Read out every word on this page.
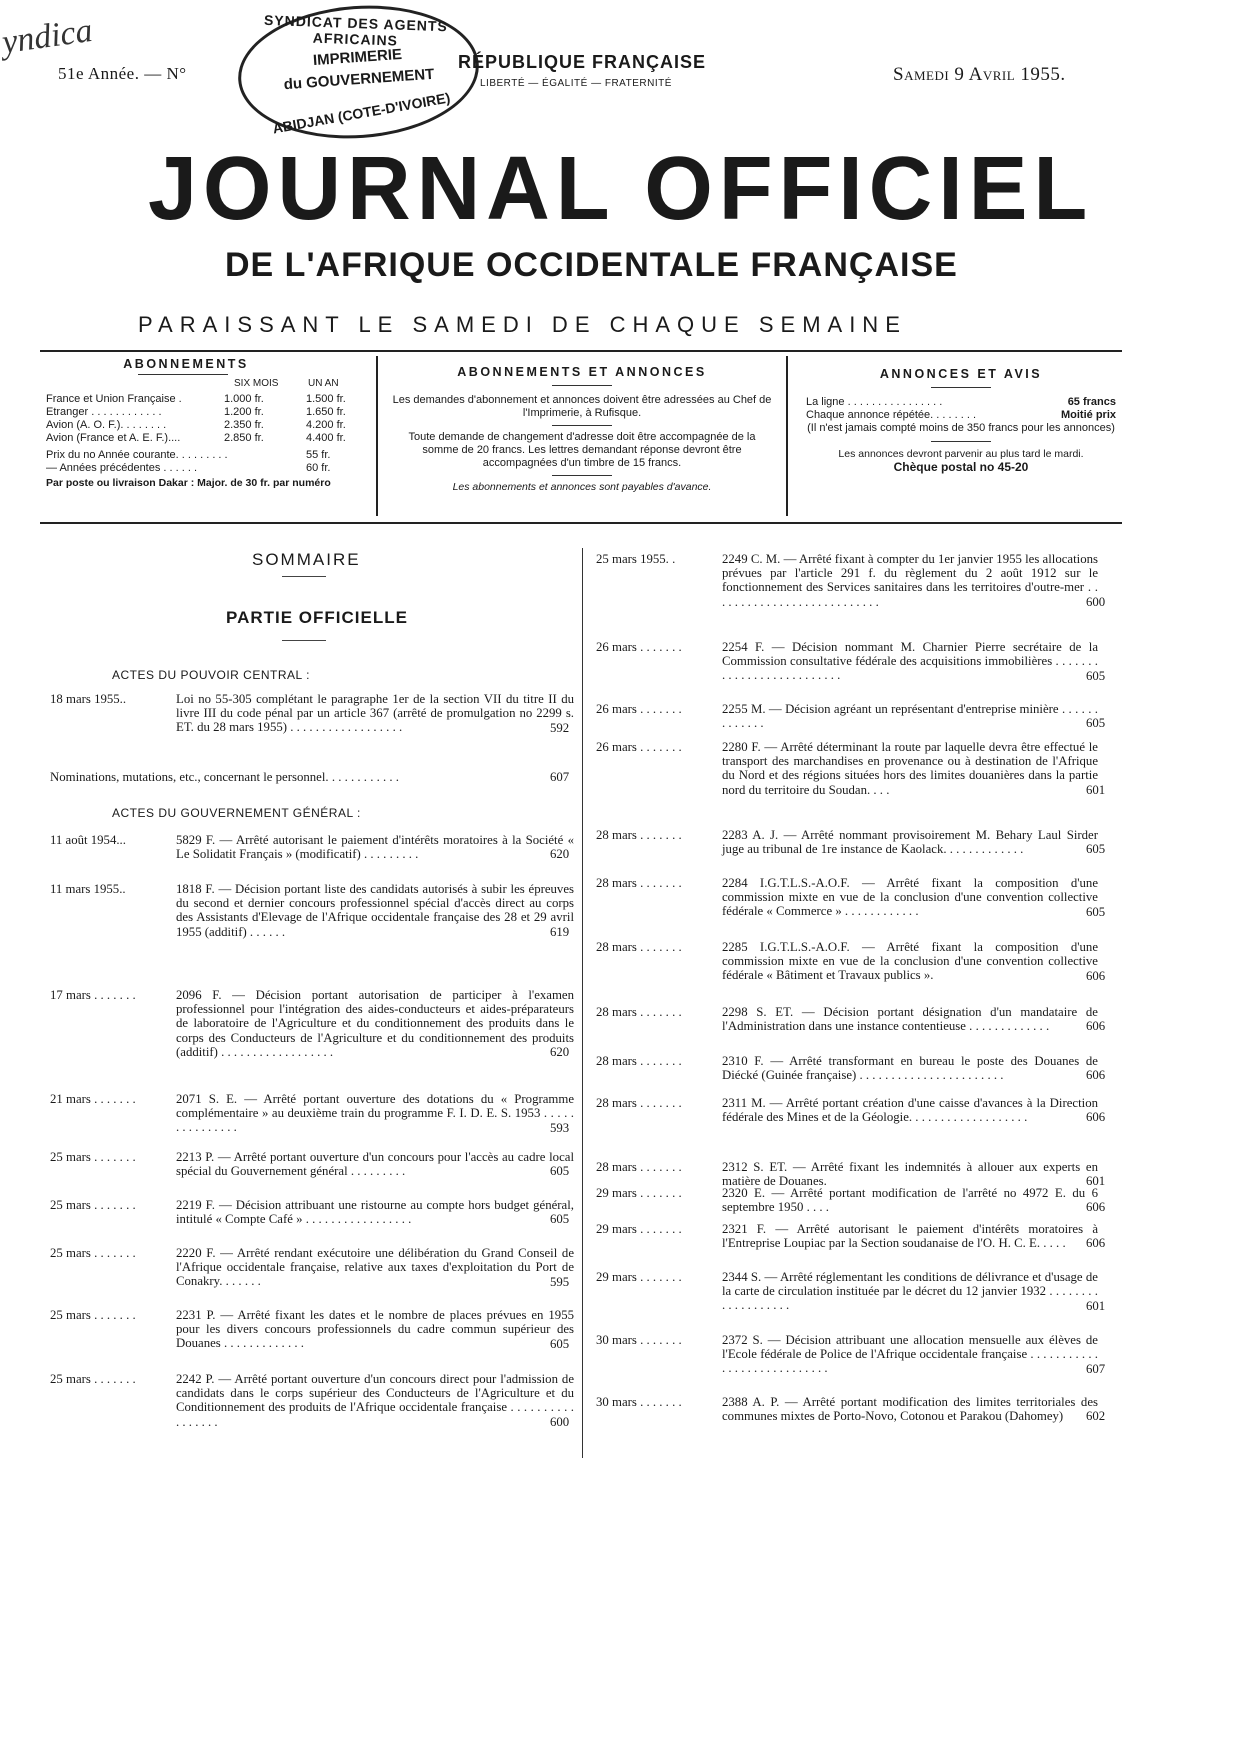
yndica
51e Année. — N°
SYNDICAT DES AGENTS AFRICAINS
IMPRIMERIE
du GOUVERNEMENT
ABIDJAN (COTE-D'IVOIRE)
RÉPUBLIQUE FRANÇAISE
LIBERTÉ — ÉGALITÉ — FRATERNITÉ	Samedi 9 Avril 1955.
JOURNAL OFFICIEL
DE L'AFRIQUE OCCIDENTALE FRANÇAISE
PARAISSANT LE SAMEDI DE CHAQUE SEMAINE
ABONNEMENTS
SIX MOIS	UN AN
France et Union Française .	1.000 fr.	1.500 fr.
Etranger . . . . . . . . . . . .	1.200 fr.	1.650 fr.
Avion (A. O. F.). . . . . . . .	2.350 fr.	4.200 fr.
Avion (France et A. E. F.)....	2.850 fr.	4.400 fr.
Prix du no Année courante. . . . . . . . .	55 fr.
— Années précédentes . . . . . .	60 fr.
Par poste ou livraison Dakar : Major. de 30 fr. par numéro
ABONNEMENTS ET ANNONCES
Les demandes d'abonnement et annonces doivent être adressées au Chef de l'Imprimerie, à Rufisque.
Toute demande de changement d'adresse doit être accompagnée de la somme de 20 francs. Les lettres demandant réponse devront être accompagnées d'un timbre de 15 francs.
Les abonnements et annonces sont payables d'avance.
ANNONCES ET AVIS
La ligne . . . . . . . . . . . . . . . .	65 francs
Chaque annonce répétée. . . . . . . .	Moitié prix
(Il n'est jamais compté moins de 350 francs pour les annonces)
Les annonces devront parvenir au plus tard le mardi.
Chèque postal no 45-20
SOMMAIRE
PARTIE OFFICIELLE
ACTES DU POUVOIR CENTRAL :
ACTES DU GOUVERNEMENT GÉNÉRAL :
18 mars 1955..	Loi no 55-305 complétant le paragraphe 1er de la section VII du titre II du livre III du code pénal par un article 367 (arrêté de promulgation no 2299 s. ET. du 28 mars 1955) . . . . . . . . . . . . . . . . . .	592
Nominations, mutations, etc., concernant le personnel. . . . . . . . . . . .	607
11 août 1954...	5829 F. — Arrêté autorisant le paiement d'intérêts moratoires à la Société « Le Solidatit Français » (modificatif) . . . . . . . . .	620
11 mars 1955..	1818 F. — Décision portant liste des candidats autorisés à subir les épreuves du second et dernier concours professionnel spécial d'accès direct au corps des Assistants d'Elevage de l'Afrique occidentale française des 28 et 29 avril 1955 (additif) . . . . . .	619
17 mars . . . . . . .	2096 F. — Décision portant autorisation de participer à l'examen professionnel pour l'intégration des aides-conducteurs et aides-préparateurs de laboratoire de l'Agriculture et du conditionnement des produits dans le corps des Conducteurs de l'Agriculture et du conditionnement des produits (additif) . . . . . . . . . . . . . . . . . .	620
21 mars . . . . . . .	2071 S. E. — Arrêté portant ouverture des dotations du « Programme complémentaire » au deuxième train du programme F. I. D. E. S. 1953 . . . . . . . . . . . . . . .	593
25 mars . . . . . . .	2213 P. — Arrêté portant ouverture d'un concours pour l'accès au cadre local spécial du Gouvernement général . . . . . . . . .	605
25 mars . . . . . . .	2219 F. — Décision attribuant une ristourne au compte hors budget général, intitulé « Compte Café » . . . . . . . . . . . . . . . . .	605
25 mars . . . . . . .	2220 F. — Arrêté rendant exécutoire une délibération du Grand Conseil de l'Afrique occidentale française, relative aux taxes d'exploitation du Port de Conakry. . . . . . .	595
25 mars . . . . . . .	2231 P. — Arrêté fixant les dates et le nombre de places prévues en 1955 pour les divers concours professionnels du cadre commun supérieur des Douanes . . . . . . . . . . . . .	605
25 mars . . . . . . .	2242 P. — Arrêté portant ouverture d'un concours direct pour l'admission de candidats dans le corps supérieur des Conducteurs de l'Agriculture et du Conditionnement des produits de l'Afrique occidentale française . . . . . . . . . . . . . . . . .	600
25 mars 1955. .	2249 C. M. — Arrêté fixant à compter du 1er janvier 1955 les allocations prévues par l'article 291 f. du règlement du 2 août 1912 sur le fonctionnement des Services sanitaires dans les territoires d'outre-mer . . . . . . . . . . . . . . . . . . . . . . . . . . .	600
26 mars . . . . . . .	2254 F. — Décision nommant M. Charnier Pierre secrétaire de la Commission consultative fédérale des acquisitions immobilières . . . . . . . . . . . . . . . . . . . . . . . . . .	605
26 mars . . . . . . .	2255 M. — Décision agréant un représentant d'entreprise minière . . . . . . . . . . . . .	605
26 mars . . . . . . .	2280 F. — Arrêté déterminant la route par laquelle devra être effectué le transport des marchandises en provenance ou à destination de l'Afrique du Nord et des régions situées hors des limites douanières dans la partie nord du territoire du Soudan. . . .	601
28 mars . . . . . . .	2283 A. J. — Arrêté nommant provisoirement M. Behary Laul Sirder juge au tribunal de 1re instance de Kaolack. . . . . . . . . . . . .	605
28 mars . . . . . . .	2284 I.G.T.L.S.-A.O.F. — Arrêté fixant la composition d'une commission mixte en vue de la conclusion d'une convention collective fédérale « Commerce » . . . . . . . . . . . .	605
28 mars . . . . . . .	2285 I.G.T.L.S.-A.O.F. — Arrêté fixant la composition d'une commission mixte en vue de la conclusion d'une convention collective fédérale « Bâtiment et Travaux publics ».	606
28 mars . . . . . . .	2298 S. ET. — Décision portant désignation d'un mandataire de l'Administration dans une instance contentieuse . . . . . . . . . . . . .	606
28 mars . . . . . . .	2310 F. — Arrêté transformant en bureau le poste des Douanes de Diécké (Guinée française) . . . . . . . . . . . . . . . . . . . . . . .	606
28 mars . . . . . . .	2311 M. — Arrêté portant création d'une caisse d'avances à la Direction fédérale des Mines et de la Géologie. . . . . . . . . . . . . . . . . . .	606
28 mars . . . . . . .	2312 S. ET. — Arrêté fixant les indemnités à allouer aux experts en matière de Douanes.	601
29 mars . . . . . . .	2320 E. — Arrêté portant modification de l'arrêté no 4972 E. du 6 septembre 1950 . . . .	606
29 mars . . . . . . .	2321 F. — Arrêté autorisant le paiement d'intérêts moratoires à l'Entreprise Loupiac par la Section soudanaise de l'O. H. C. E. . . . .	606
29 mars . . . . . . .	2344 S. — Arrêté réglementant les conditions de délivrance et d'usage de la carte de circulation instituée par le décret du 12 janvier 1932 . . . . . . . . . . . . . . . . . . .	601
30 mars . . . . . . .	2372 S. — Décision attribuant une allocation mensuelle aux élèves de l'Ecole fédérale de Police de l'Afrique occidentale française . . . . . . . . . . . . . . . . . . . . . . . . . . . .	607
30 mars . . . . . . .	2388 A. P. — Arrêté portant modification des limites territoriales des communes mixtes de Porto-Novo, Cotonou et Parakou (Dahomey)	602
